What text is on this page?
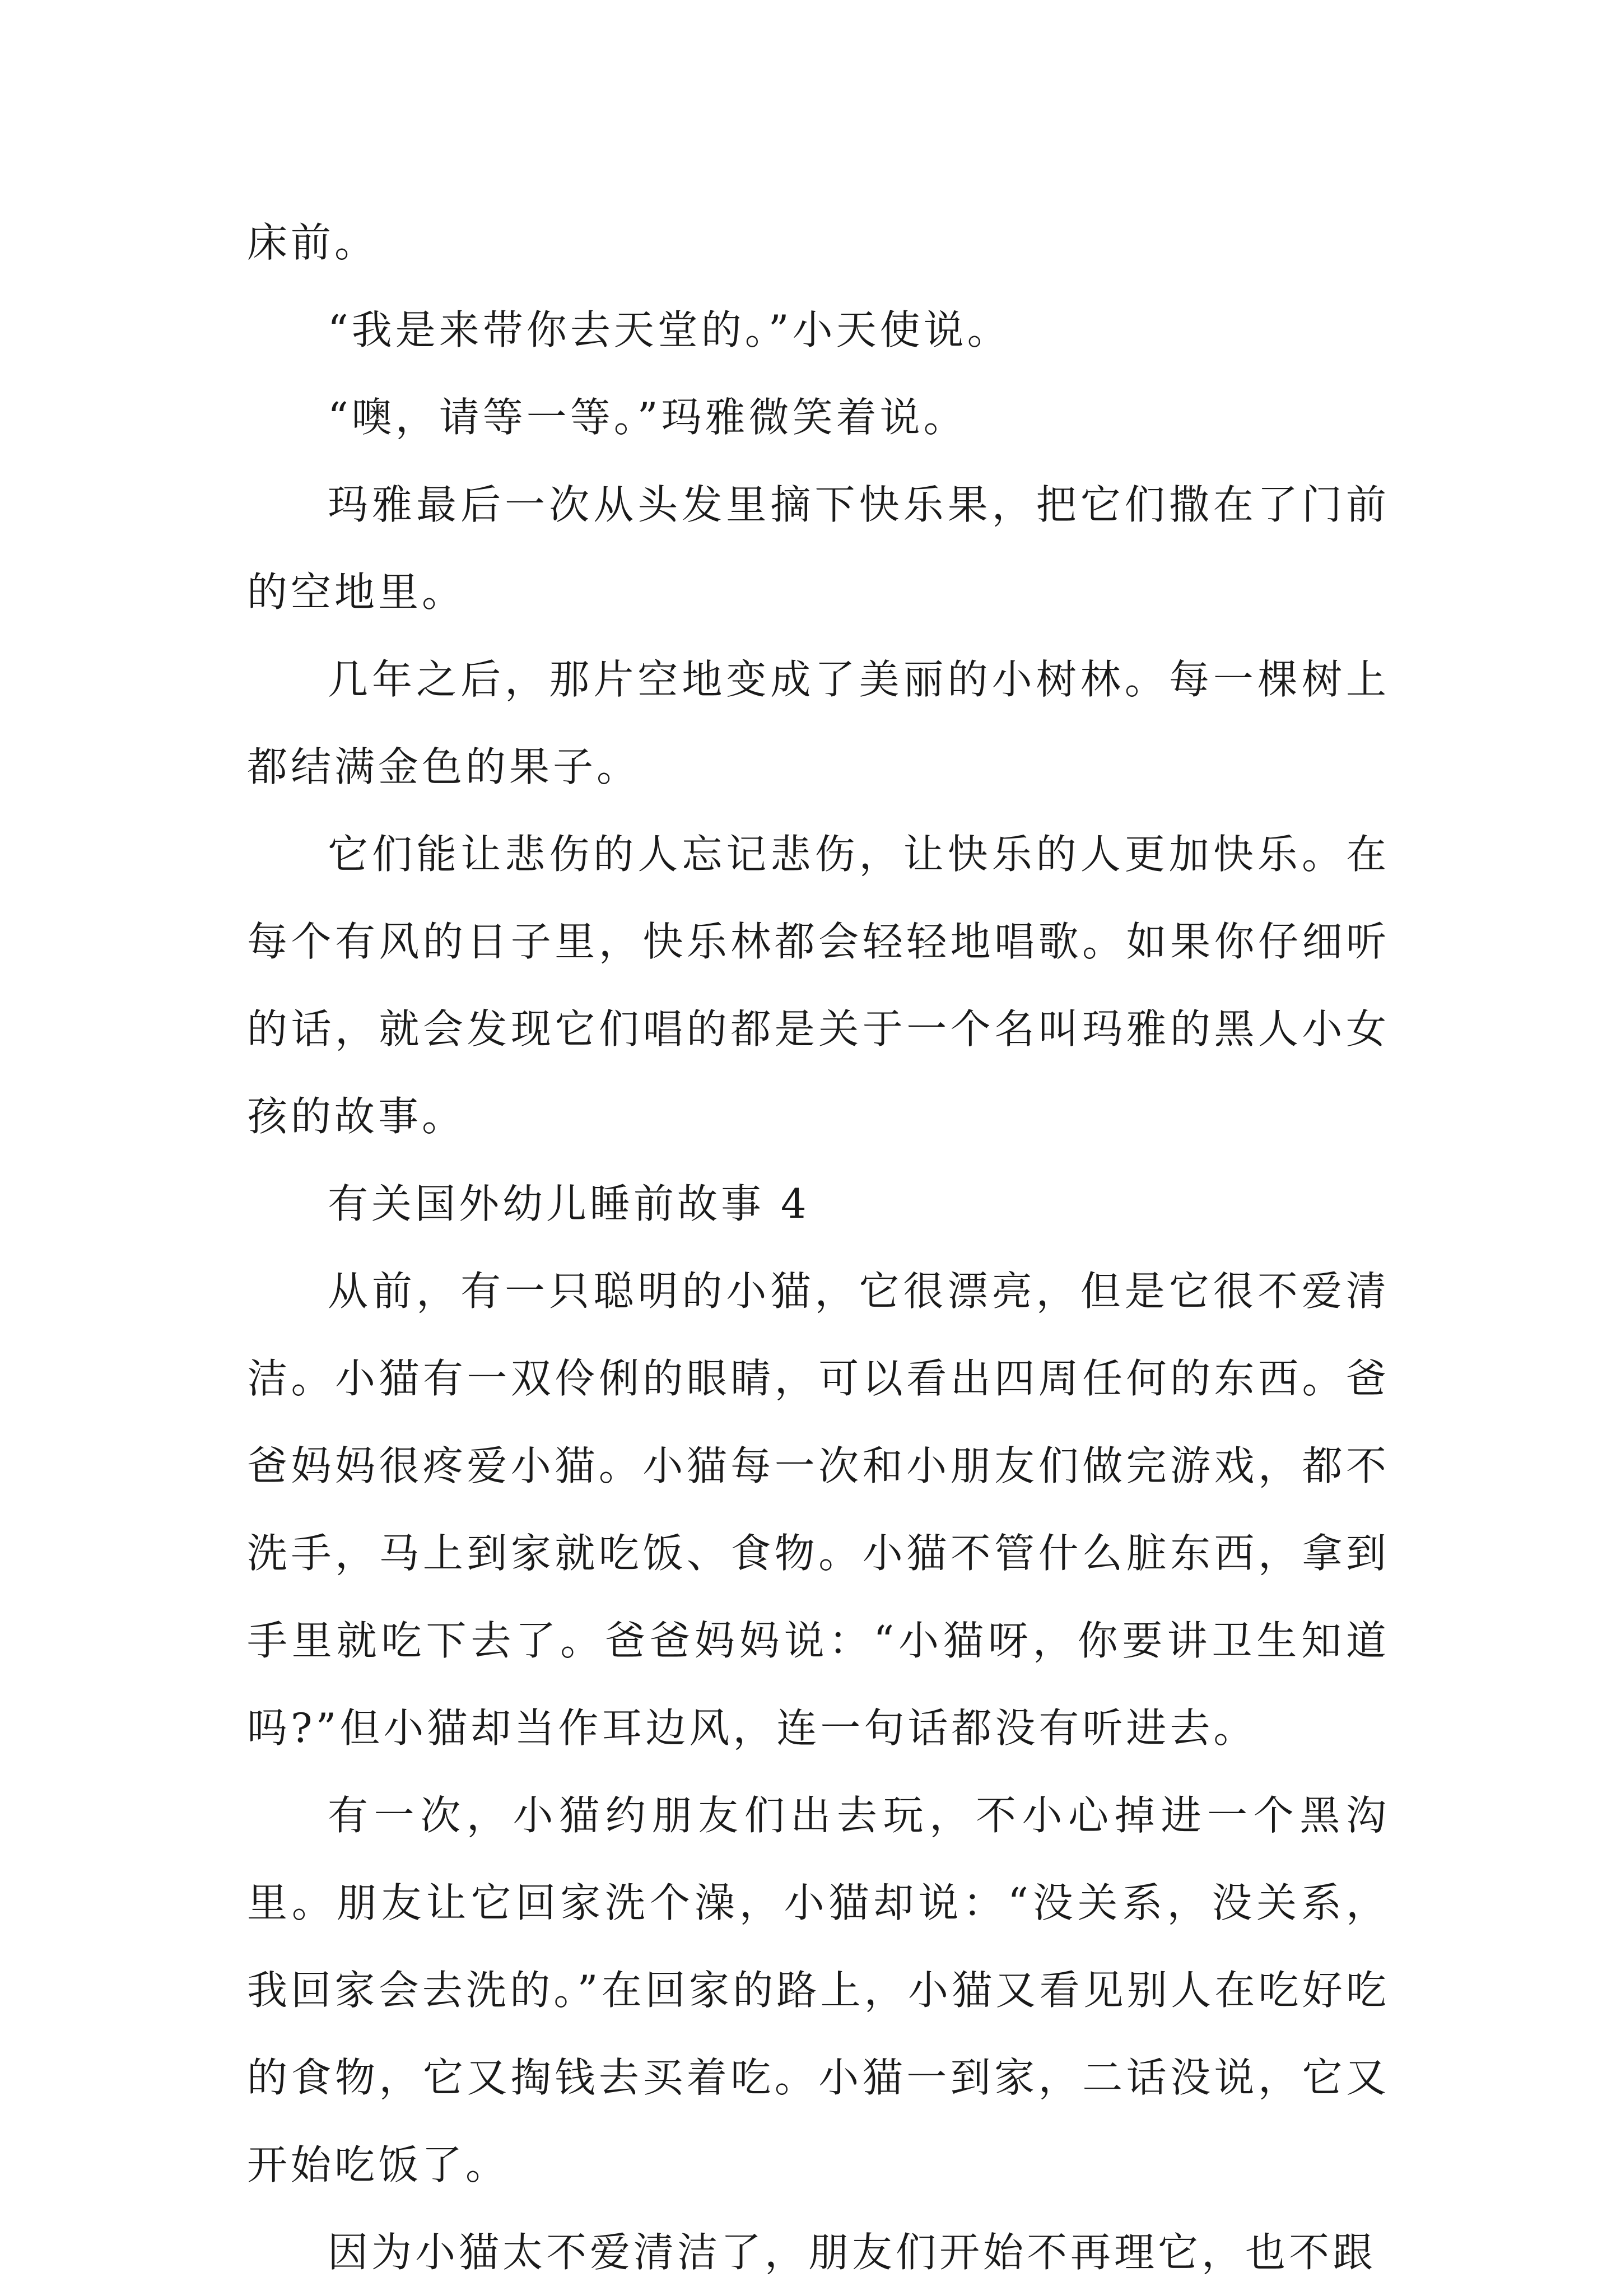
床前。

“我是来带你去天堂的。”小天使说。

“噢，请等一等。”玛雅微笑着说。

玛雅最后一次从头发里摘下快乐果，把它们撒在了门前的空地里。

几年之后，那片空地变成了美丽的小树林。每一棵树上都结满金色的果子。

它们能让悲伤的人忘记悲伤，让快乐的人更加快乐。在每个有风的日子里，快乐林都会轻轻地唱歌。如果你仔细听的话，就会发现它们唱的都是关于一个名叫玛雅的黑人小女孩的故事。

有关国外幼儿睡前故事 4

从前，有一只聪明的小猫，它很漂亮，但是它很不爱清洁。小猫有一双伶俐的眼睛，可以看出四周任何的东西。爸爸妈妈很疼爱小猫。小猫每一次和小朋友们做完游戏，都不洗手，马上到家就吃饭、食物。小猫不管什么脏东西，拿到手里就吃下去了。爸爸妈妈说：“小猫呀，你要讲卫生知道吗?”但小猫却当作耳边风，连一句话都没有听进去。

有一次，小猫约朋友们出去玩，不小心掉进一个黑沟里。朋友让它回家洗个澡，小猫却说：“没关系，没关系，我回家会去洗的。”在回家的路上，小猫又看见别人在吃好吃的食物，它又掏钱去买着吃。小猫一到家，二话没说，它又开始吃饭了。

因为小猫太不爱清洁了，朋友们开始不再理它，也不跟
